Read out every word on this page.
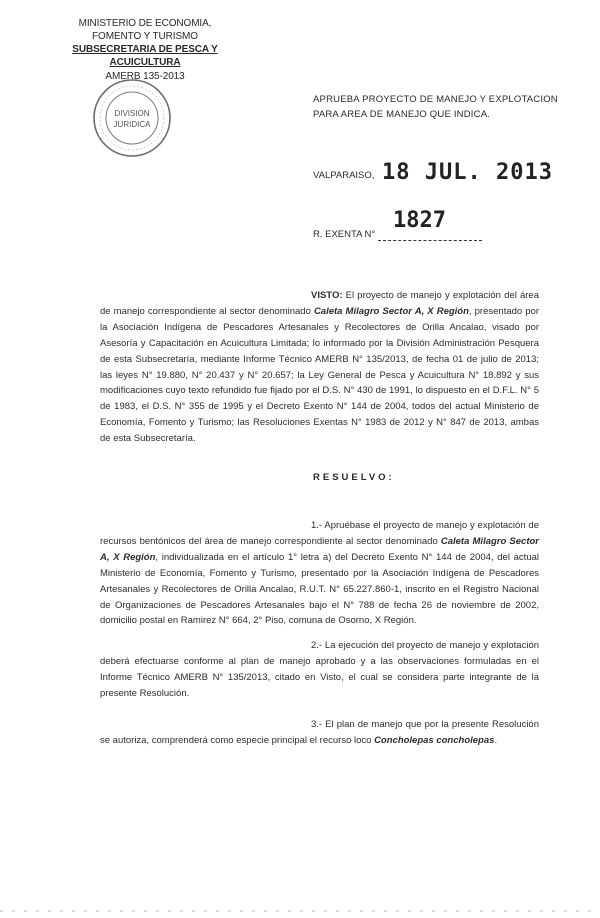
MINISTERIO DE ECONOMIA,
FOMENTO Y TURISMO
SUBSECRETARIA DE PESCA Y ACUICULTURA
AMERB 135-2013
DIVISION
JURIDICA
APRUEBA PROYECTO DE MANEJO Y EXPLOTACION
PARA AREA DE MANEJO QUE INDICA.
VALPARAISO, 18 JUL. 2013
R. EXENTA N°
1827
VISTO: El proyecto de manejo y explotación del área de manejo correspondiente al sector denominado Caleta Milagro Sector A, X Región, presentado por la Asociación Indígena de Pescadores Artesanales y Recolectores de Orilla Ancalao, visado por Asesoría y Capacitación en Acuicultura Limitada; lo informado por la División Administración Pesquera de esta Subsecretaría, mediante Informe Técnico AMERB N° 135/2013, de fecha 01 de julio de 2013; las leyes N° 19.880, N° 20.437 y N° 20.657; la Ley General de Pesca y Acuicultura N° 18.892 y sus modificaciones cuyo texto refundido fue fijado por el D.S. N° 430 de 1991, lo dispuesto en el D.F.L. N° 5 de 1983, el D.S. N° 355 de 1995 y el Decreto Exento N° 144 de 2004, todos del actual Ministerio de Economía, Fomento y Turismo; las Resoluciones Exentas N° 1983 de 2012 y N° 847 de 2013, ambas de esta Subsecretaría.
RESUELVO:
1.- Apruébase el proyecto de manejo y explotación de recursos bentónicos del área de manejo correspondiente al sector denominado Caleta Milagro Sector A, X Región, individualizada en el artículo 1° letra a) del Decreto Exento N° 144 de 2004, del actual Ministerio de Economía, Fomento y Turismo, presentado por la Asociación Indígena de Pescadores Artesanales y Recolectores de Orilla Ancalao, R.U.T. N° 65.227.860-1, inscrito en el Registro Nacional de Organizaciones de Pescadores Artesanales bajo el N° 788 de fecha 26 de noviembre de 2002, domicilio postal en Ramirez N° 664, 2° Piso, comuna de Osorno, X Región.
2.- La ejecución del proyecto de manejo y explotación deberá efectuarse conforme al plan de manejo aprobado y a las observaciones formuladas en el Informe Técnico AMERB N° 135/2013, citado en Visto, el cual se considera parte integrante de la presente Resolución.
3.- El plan de manejo que por la presente Resolución se autoriza, comprenderá como especie principal el recurso loco Concholepas concholepas.
